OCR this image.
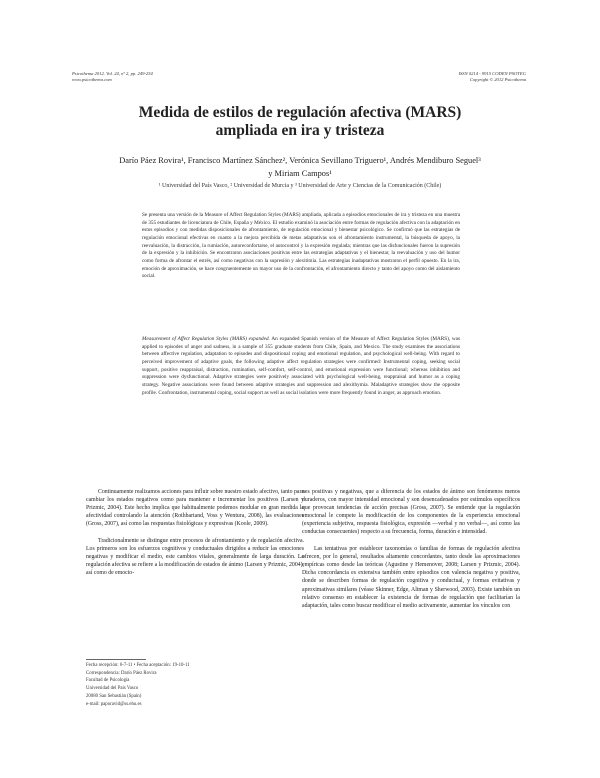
Psicothema 2012. Vol. 24, nº 2, pp. 249-254
www.psicothema.com
ISSN 0214 - 9915 CODEN PSOTEG
Copyright © 2012 Psicothema
Medida de estilos de regulación afectiva (MARS)
ampliada en ira y tristeza
Darío Páez Rovira¹, Francisco Martínez Sánchez², Verónica Sevillano Triguero¹, Andrés Mendiburo Seguel³
y Miriam Campos¹
¹ Universidad del País Vasco, ² Universidad de Murcia y ³ Universidad de Arte y Ciencias de la Comunicación (Chile)
Se presenta una versión de la Measure of Affect Regulation Styles (MARS) ampliada, aplicada a episodios emocionales de ira y tristeza en una muestra de 355 estudiantes de licenciatura de Chile, España y México. El estudio examinó la asociación entre formas de regulación afectiva con la adaptación en estos episodios y con medidas disposicionales de afrontamiento, de regulación emocional y bienestar psicológico. Se confirmó que las estrategias de regulación emocional efectivas en cuanto a la mejora percibida de metas adaptativas son el afrontamiento instrumental, la búsqueda de apoyo, la reevaluación, la distracción, la rumiación, autoreconfortarse, el autocontrol y la expresión regulada; mientras que las disfuncionales fueron la supresión de la expresión y la inhibición. Se encontraron asociaciones positivas entre las estrategias adaptativas y el bienestar, la reevaluación y uso del humor como forma de afrontar el estrés, así como negativas con la supresión y alexitimia. Las estrategias inadaptativas mostraron el perfil opuesto. En la ira, emoción de aproximación, se hace congruentemente un mayor uso de la confrontación, el afrontamiento directo y tanto del apoyo como del aislamiento social.
Measurement of Affect Regulation Styles (MARS) expanded. An expanded Spanish version of the Measure of Affect Regulation Styles (MARS), was applied to episodes of anger and sadness, in a sample of 355 graduate students from Chile, Spain, and Mexico. The study examines the associations between affective regulation, adaptation to episodes and dispositional coping and emotional regulation, and psychological well-being. With regard to perceived improvement of adaptive goals, the following adaptive affect regulation strategies were confirmed: Instrumental coping, seeking social support, positive reappraisal, distraction, rumination, self-comfort, self-control, and emotional expression were functional; whereas inhibition and suppression were dysfunctional. Adaptive strategies were positively associated with psychological well-being, reappraisal and humor as a coping strategy. Negative associations were found between adaptive strategies and suppression and alexithymia. Maladaptive strategies show the opposite profile. Confrontation, instrumental coping, social support as well as social isolation were more frequently found in anger, as approach emotion.

Continuamente realizamos acciones para influir sobre nuestro estado afectivo, tanto para cambiar los estados negativos como para mantener e incrementar los positivos (Larsen y Prizmic, 2004). Este hecho implica que habitualmente podemos modular en gran medida la afectividad controlando la atención (Rothbartand, Voss y Wentura, 2008), las evaluaciones (Gross, 2007), así como las respuestas fisiológicas y expresivas (Koole, 2009).

Tradicionalmente se distingue entre procesos de afrontamiento y de regulación afectiva. Los primeros son los esfuerzos cognitivos y conductuales dirigidos a reducir las emociones negativas y modificar el medio, este cambios vitales, generalmente de larga duración. La regulación afectiva se refiere a la modificación de estados de ánimo (Larsen y Prizmic, 2004), así como de emocio-

nes positivas y negativas, que a diferencia de los estados de ánimo son fenómenos menos duraderos, con mayor intensidad emocional y son desencadenados por estímulos específicos que provocan tendencias de acción precisas (Gross, 2007). Se entiende que la regulación emocional le compete la modificación de los componentes de la experiencia emocional (experiencia subjetiva, respuesta fisiológica, expresión —verbal y no verbal—, así como las conductas consecuentes) respecto a su frecuencia, forma, duración e intensidad.

Las tentativas por establecer taxonomías o familias de formas de regulación afectiva ofrecen, por lo general, resultados altamente concordantes, tanto desde las aproximaciones empíricas como desde las teóricas (Agustine y Hemenover, 2008; Larsen y Prizmic, 2004). Dicha concordancia es extensiva también entre episodios con valencia negativa y positiva, donde se describen formas de regulación cognitiva y conductual, y formas evitativas y aproximativas similares (véase Skinner, Edge, Altman y Sherwood, 2003). Existe también un relativo consenso en establecer la existencia de formas de regulación que facilitarían la adaptación, tales como buscar modificar el medio activamente, aumentar los vínculos con

Fecha recepción: 6-7-11 • Fecha aceptación: 19-10-11
Correspondencia: Darío Páez Rovira
Facultad de Psicología
Universidad del País Vasco
20080 San Sebastián (Spain)
e-mail: paporavid@ss.ehu.es
